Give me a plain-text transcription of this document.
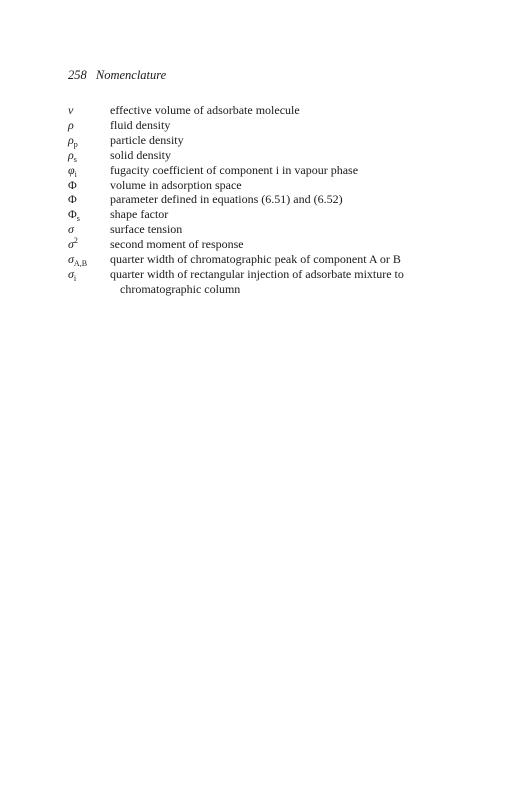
258 Nomenclature
ν	effective volume of adsorbate molecule
ρ	fluid density
$\rho_p$	particle density
$\rho_s$	solid density
$\varphi_i$	fugacity coefficient of component i in vapour phase
Φ	volume in adsorption space
Φ	parameter defined in equations (6.51) and (6.52)
$\Phi_s$	shape factor
σ	surface tension
$\sigma^2$	second moment of response
$\sigma_{A,B}$	quarter width of chromatographic peak of component A or B
$\sigma_i$	quarter width of rectangular injection of adsorbate mixture to
chromatographic column
